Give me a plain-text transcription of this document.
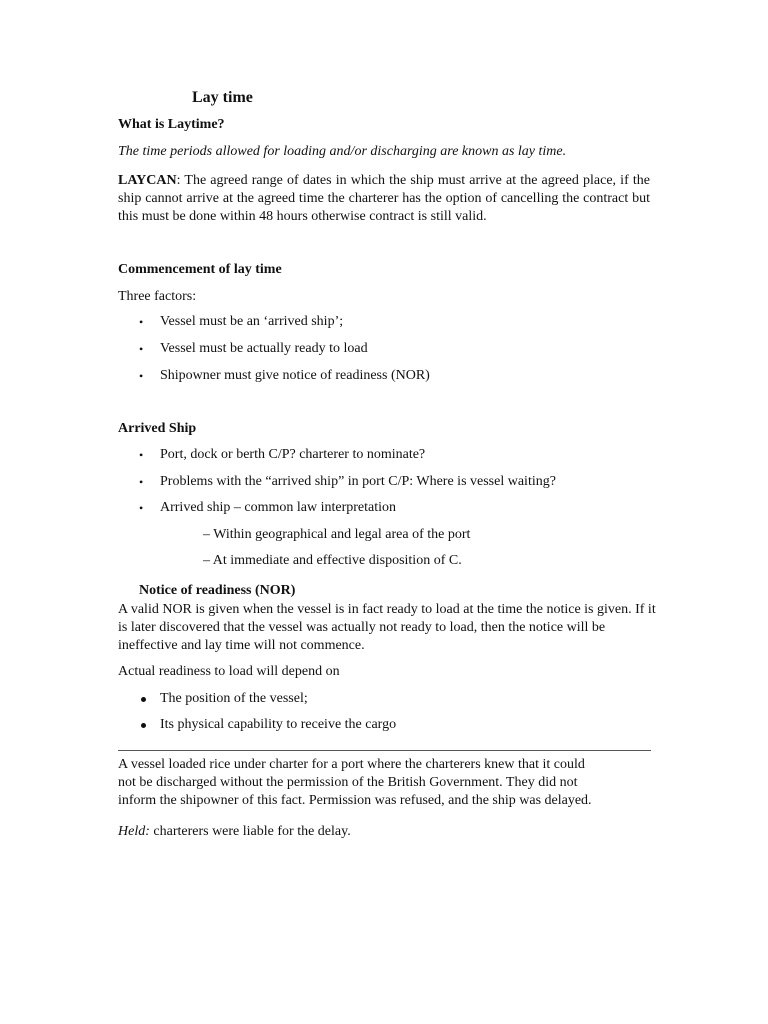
Lay time
What is Laytime?
The time periods allowed for loading and/or discharging are known as lay time.
LAYCAN: The agreed range of dates in which the ship must arrive at the agreed place, if the ship cannot arrive at the agreed time the charterer has the option of cancelling the contract but this must be done within 48 hours otherwise contract is still valid.
Commencement of lay time
Three factors:
• Vessel must be an ‘arrived ship’;
• Vessel must be actually ready to load
• Shipowner must give notice of readiness (NOR)
Arrived Ship
• Port, dock or berth C/P? charterer to nominate?
• Problems with the “arrived ship” in port C/P: Where is vessel waiting?
• Arrived ship – common law interpretation
– Within geographical and legal area of the port
– At immediate and effective disposition of C.
Notice of readiness (NOR)
A valid NOR is given when the vessel is in fact ready to load at the time the notice is given. If it is later discovered that the vessel was actually not ready to load, then the notice will be ineffective and lay time will not commence.
Actual readiness to load will depend on
The position of the vessel;
Its physical capability to receive the cargo
A vessel loaded rice under charter for a port where the charterers knew that it could
not be discharged without the permission of the British Government. They did not
inform the shipowner of this fact. Permission was refused, and the ship was delayed.
Held: charterers were liable for the delay.
